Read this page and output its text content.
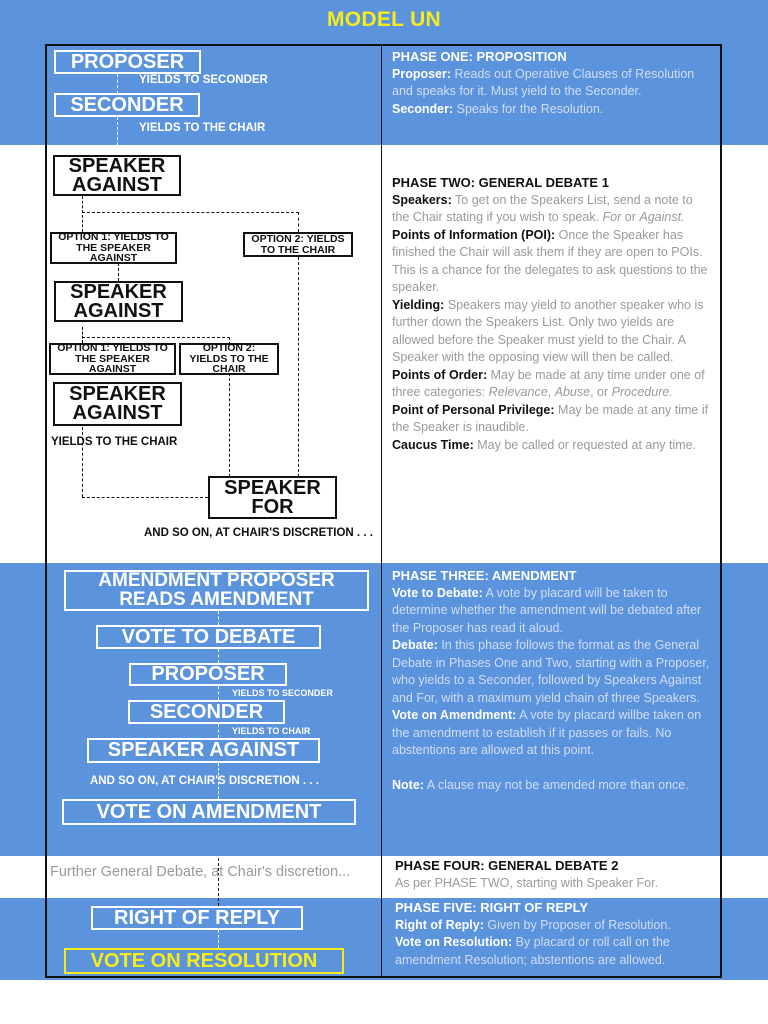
MODEL UN
PROPOSER
YIELDS TO SECONDER
SECONDER
YIELDS TO THE CHAIR
SPEAKER AGAINST
OPTION 1: YIELDS TO THE SPEAKER AGAINST
OPTION 2: YIELDS TO THE CHAIR
SPEAKER AGAINST
OPTION 1: YIELDS TO THE SPEAKER AGAINST
OPTION 2: YIELDS TO THE CHAIR
SPEAKER AGAINST
YIELDS TO THE CHAIR
SPEAKER FOR
AND SO ON, AT CHAIR'S DISCRETION . . .
AMENDMENT PROPOSER READS AMENDMENT
VOTE TO DEBATE
PROPOSER
YIELDS TO SECONDER
SECONDER
YIELDS TO CHAIR
SPEAKER AGAINST
AND SO ON, AT CHAIR'S DISCRETION . . .
VOTE ON AMENDMENT
Further General Debate, at Chair's discretion...
RIGHT OF REPLY
VOTE ON RESOLUTION
PHASE ONE: PROPOSITION

Proposer: Reads out Operative Clauses of Resolution and speaks for it. Must yield to the Seconder.

Seconder: Speaks for the Resolution.

PHASE TWO: GENERAL DEBATE 1

Speakers: To get on the Speakers List, send a note to the Chair stating if you wish to speak. For or Against.

Points of Information (POI): Once the Speaker has finished the Chair will ask them if they are open to POIs. This is a chance for the delegates to ask questions to the speaker.

Yielding: Speakers may yield to another speaker who is further down the Speakers List. Only two yields are allowed before the Speaker must yield to the Chair. A Speaker with the opposing view will then be called.

Points of Order: May be made at any time under one of three categories: Relevance, Abuse, or Procedure.

Point of Personal Privilege: May be made at any time if the Speaker is inaudible.

Caucus Time: May be called or requested at any time.

PHASE THREE: AMENDMENT

Vote to Debate: A vote by placard will be taken to determine whether the amendment will be debated after the Proposer has read it aloud.

Debate: In this phase follows the format as the General Debate in Phases One and Two, starting with a Proposer, who yields to a Seconder, followed by Speakers Against and For, with a maximum yield chain of three Speakers.

Vote on Amendment: A vote by placard willbe taken on the amendment to establish if it passes or fails. No abstentions are allowed at this point.

Note: A clause may not be amended more than once.

PHASE FOUR: GENERAL DEBATE 2

As per PHASE TWO, starting with Speaker For.

PHASE FIVE: RIGHT OF REPLY

Right of Reply: Given by Proposer of Resolution.

Vote on Resolution: By placard or roll call on the amendment Resolution; abstentions are allowed.
